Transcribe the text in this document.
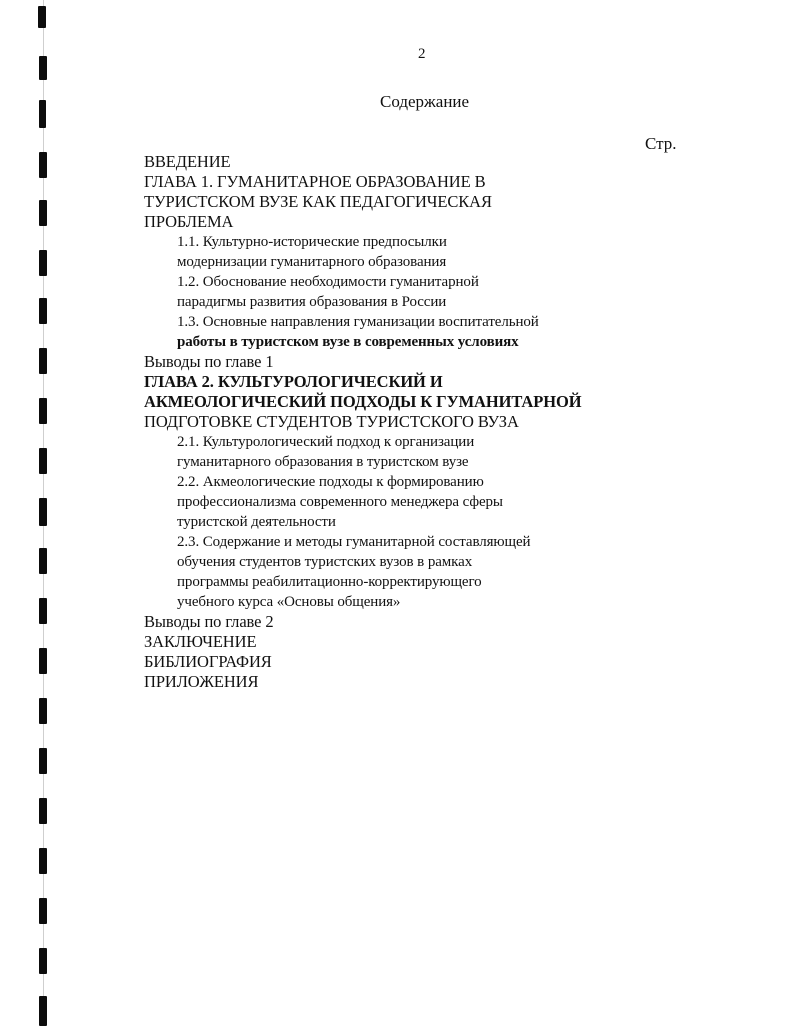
2
Содержание
Стр.

ВВЕДЕНИЕ

ГЛАВА 1. ГУМАНИТАРНОЕ ОБРАЗОВАНИЕ В

ТУРИСТСКОМ ВУЗЕ КАК ПЕДАГОГИЧЕСКАЯ

ПРОБЛЕМА

1.1. Культурно-исторические предпосылки

модернизации гуманитарного образования

1.2. Обоснование необходимости гуманитарной

парадигмы развития образования в России

1.3. Основные направления гуманизации воспитательной

работы в туристском вузе в современных условиях

Выводы по главе 1

ГЛАВА 2. КУЛЬТУРОЛОГИЧЕСКИЙ И

АКМЕОЛОГИЧЕСКИЙ ПОДХОДЫ К ГУМАНИТАРНОЙ

ПОДГОТОВКЕ СТУДЕНТОВ ТУРИСТСКОГО ВУЗА

2.1. Культурологический подход к организации

гуманитарного образования в туристском вузе

2.2. Акмеологические подходы к формированию

профессионализма современного менеджера сферы

туристской деятельности

2.3. Содержание и методы гуманитарной составляющей

обучения студентов туристских вузов в рамках

программы реабилитационно-корректирующего

учебного курса «Основы общения»

Выводы по главе 2

ЗАКЛЮЧЕНИЕ

БИБЛИОГРАФИЯ

ПРИЛОЖЕНИЯ
